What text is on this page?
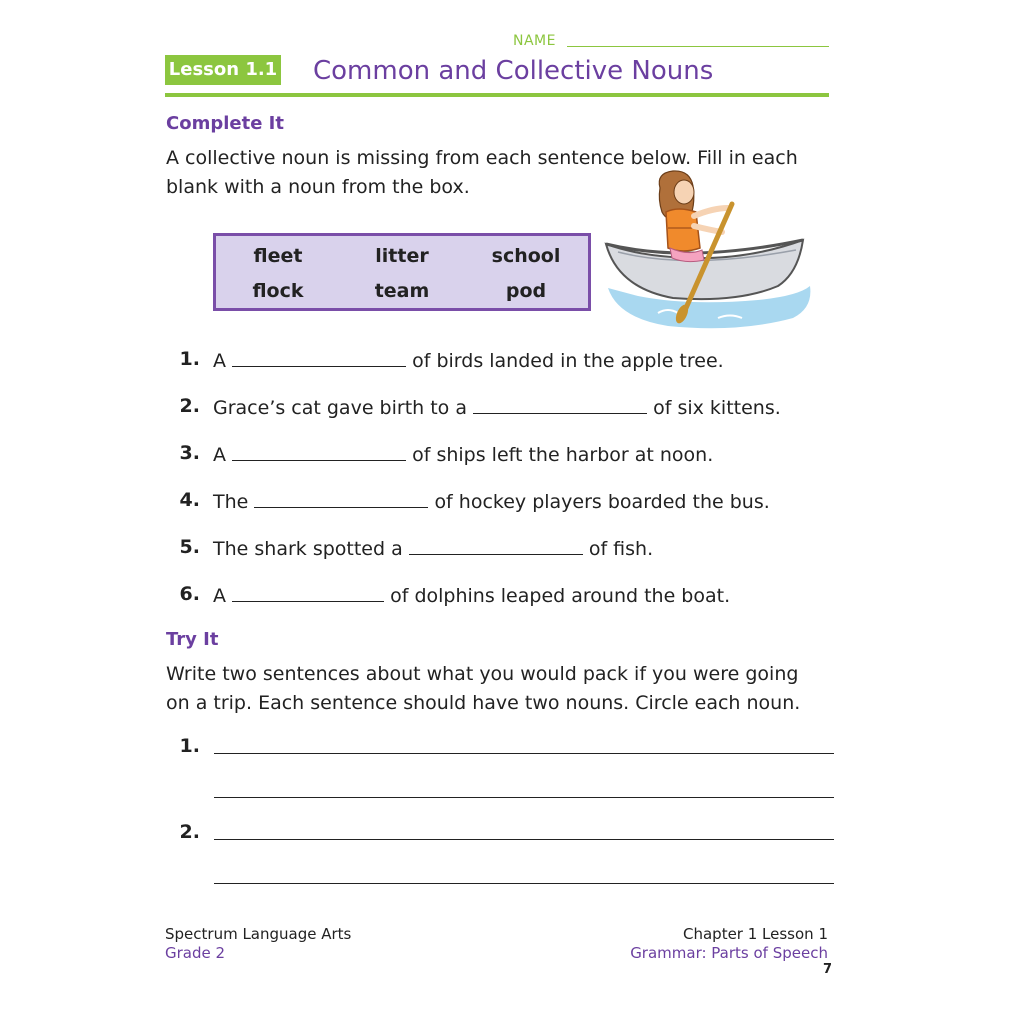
NAME
Lesson 1.1 Common and Collective Nouns
Complete It
A collective noun is missing from each sentence below. Fill in each
blank with a noun from the box.
fleet	litter	school
flock	team	pod
1. A	of birds landed in the apple tree.
2. Grace’s cat gave birth to a	of six kittens.
3. A	of ships left the harbor at noon.
4. The	of hockey players boarded the bus.
5. The shark spotted a	of fish.
6. A	of dolphins leaped around the boat.
Try It
Write two sentences about what you would pack if you were going
on a trip. Each sentence should have two nouns. Circle each noun.
1.
2.
Spectrum Language Arts
Grade 2
Chapter 1 Lesson 1
Grammar: Parts of Speech
7
